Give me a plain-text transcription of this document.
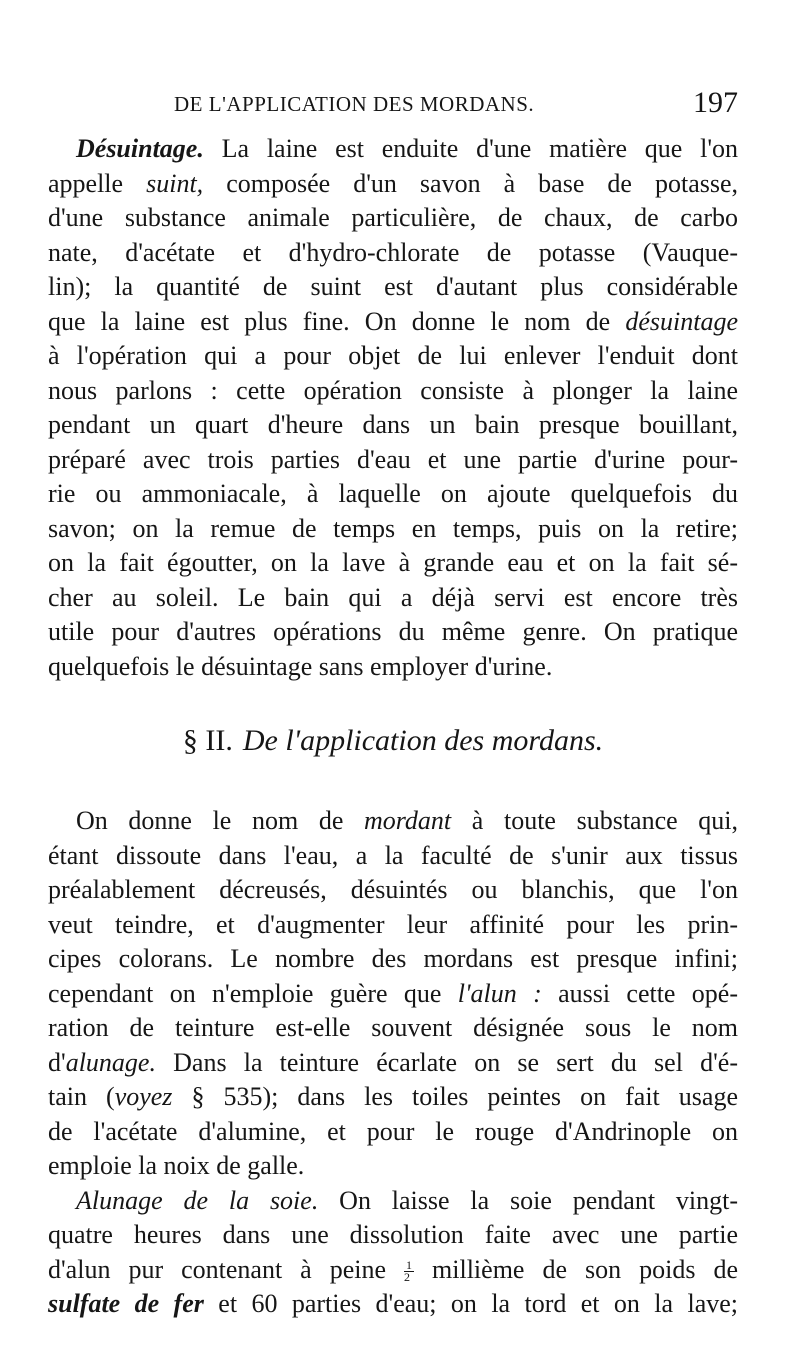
DE L'APPLICATION DES MORDANS.	197
Désuintage. La laine est enduite d'une matière que l'on
appelle suint, composée d'un savon à base de potasse,
d'une substance animale particulière, de chaux, de carbo
nate, d'acétate et d'hydro-chlorate de potasse (Vauque-
lin); la quantité de suint est d'autant plus considérable
que la laine est plus fine. On donne le nom de désuintage
à l'opération qui a pour objet de lui enlever l'enduit dont
nous parlons : cette opération consiste à plonger la laine
pendant un quart d'heure dans un bain presque bouillant,
préparé avec trois parties d'eau et une partie d'urine pour-
rie ou ammoniacale, à laquelle on ajoute quelquefois du
savon; on la remue de temps en temps, puis on la retire;
on la fait égoutter, on la lave à grande eau et on la fait sé-
cher au soleil. Le bain qui a déjà servi est encore très
utile pour d'autres opérations du même genre. On pratique
quelquefois le désuintage sans employer d'urine.
§ II. De l'application des mordans.
On donne le nom de mordant à toute substance qui,
étant dissoute dans l'eau, a la faculté de s'unir aux tissus
préalablement décreusés, désuintés ou blanchis, que l'on
veut teindre, et d'augmenter leur affinité pour les prin-
cipes colorans. Le nombre des mordans est presque infini;
cependant on n'emploie guère que l'alun : aussi cette opé-
ration de teinture est-elle souvent désignée sous le nom
d'alunage. Dans la teinture écarlate on se sert du sel d'é-
tain (voyez § 535); dans les toiles peintes on fait usage
de l'acétate d'alumine, et pour le rouge d'Andrinople on
emploie la noix de galle.
Alunage de la soie. On laisse la soie pendant vingt-
quatre heures dans une dissolution faite avec une partie
d'alun pur contenant à peine $\frac{1}{2}$ millième de son poids de
sulfate de fer et 60 parties d'eau; on la tord et on la lave;
